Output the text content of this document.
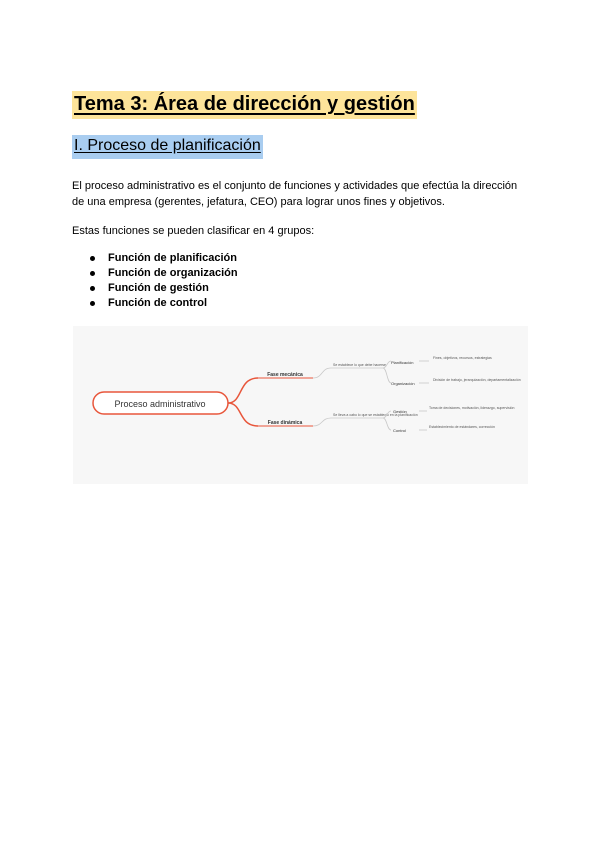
Tema 3: Área de dirección y gestión
I. Proceso de planificación

El proceso administrativo es el conjunto de funciones y actividades que efectúa la dirección de una empresa (gerentes, jefatura, CEO) para lograr unos fines y objetivos.

Estas funciones se pueden clasificar en 4 grupos:

Función de planificación
Función de organización
Función de gestión
Función de control
Proceso administrativo
Fase mecánica
Se establece lo que debe hacerse Planificación
Organización
Fines, objetivos, recursos, estrategias
División de trabajo, jerarquización, departamentalización
Fase dinámica
Se lleva a cabo lo que se estableció en la planificación
Gestión
Control
Toma de decisiones, motivación, liderazgo, supervisión
Establecimiento de estándares, corrección
